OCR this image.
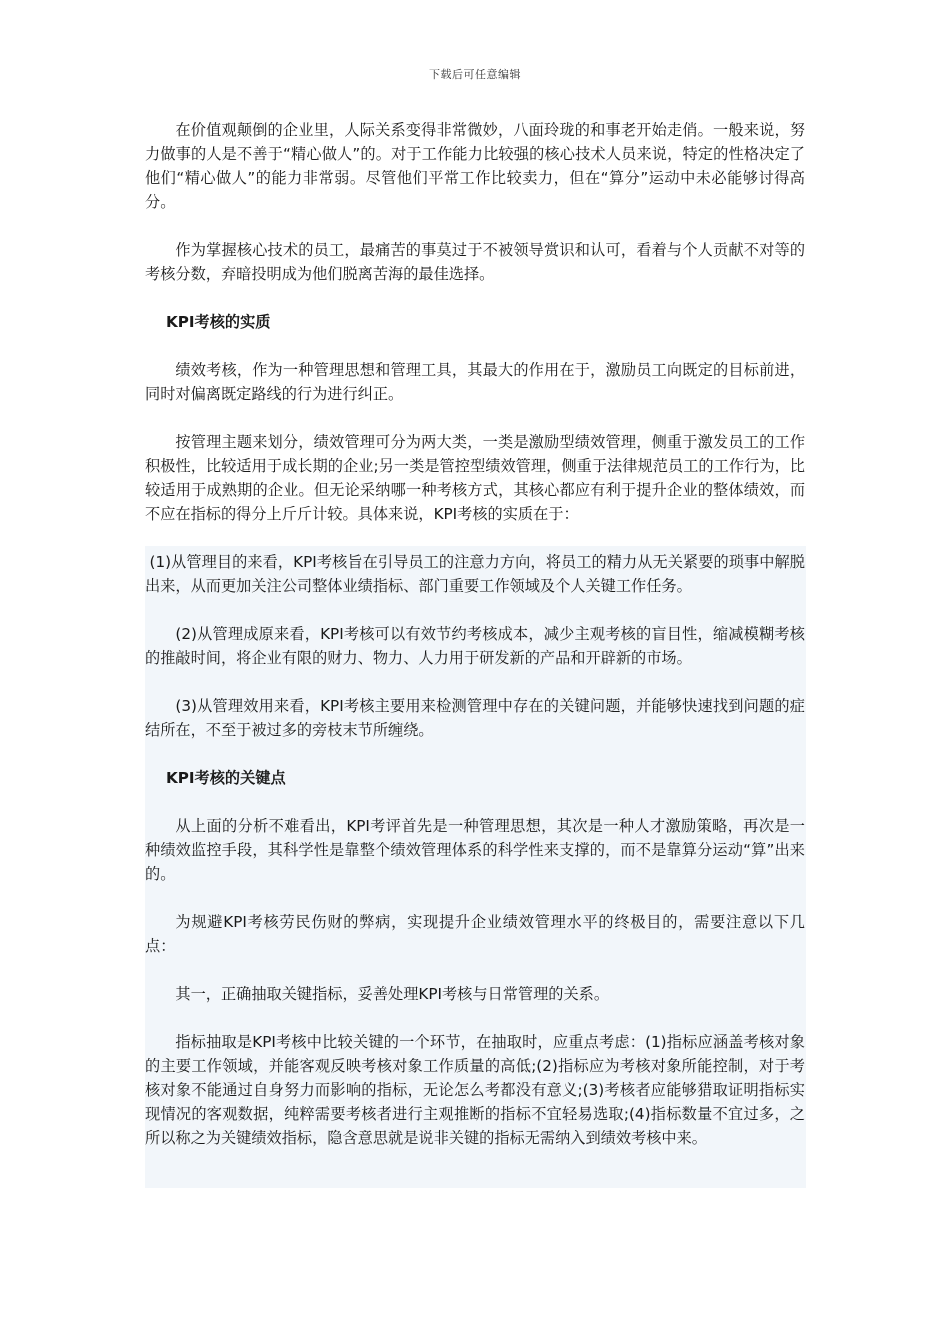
下载后可任意编辑

在价值观颠倒的企业里，人际关系变得非常微妙，八面玲珑的和事老开始走俏。一般来说，努力做事的人是不善于“精心做人”的。对于工作能力比较强的核心技术人员来说，特定的性格决定了他们“精心做人”的能力非常弱。尽管他们平常工作比较卖力，但在“算分”运动中未必能够讨得高分。

作为掌握核心技术的员工，最痛苦的事莫过于不被领导赏识和认可，看着与个人贡献不对等的考核分数，弃暗投明成为他们脱离苦海的最佳选择。

KPI考核的实质

绩效考核，作为一种管理思想和管理工具，其最大的作用在于，激励员工向既定的目标前进，同时对偏离既定路线的行为进行纠正。

按管理主题来划分，绩效管理可分为两大类，一类是激励型绩效管理，侧重于激发员工的工作积极性，比较适用于成长期的企业;另一类是管控型绩效管理，侧重于法律规范员工的工作行为，比较适用于成熟期的企业。但无论采纳哪一种考核方式，其核心都应有利于提升企业的整体绩效，而不应在指标的得分上斤斤计较。具体来说，KPI考核的实质在于：

(1)从管理目的来看，KPI考核旨在引导员工的注意力方向，将员工的精力从无关紧要的琐事中解脱出来，从而更加关注公司整体业绩指标、部门重要工作领域及个人关键工作任务。

(2)从管理成原来看，KPI考核可以有效节约考核成本，减少主观考核的盲目性，缩减模糊考核的推敲时间，将企业有限的财力、物力、人力用于研发新的产品和开辟新的市场。

(3)从管理效用来看，KPI考核主要用来检测管理中存在的关键问题，并能够快速找到问题的症结所在，不至于被过多的旁枝末节所缠绕。

KPI考核的关键点

从上面的分析不难看出，KPI考评首先是一种管理思想，其次是一种人才激励策略，再次是一种绩效监控手段，其科学性是靠整个绩效管理体系的科学性来支撑的，而不是靠算分运动“算”出来的。

为规避KPI考核劳民伤财的弊病，实现提升企业绩效管理水平的终极目的，需要注意以下几点：

其一，正确抽取关键指标，妥善处理KPI考核与日常管理的关系。

指标抽取是KPI考核中比较关键的一个环节，在抽取时，应重点考虑：(1)指标应涵盖考核对象的主要工作领域，并能客观反映考核对象工作质量的高低;(2)指标应为考核对象所能控制，对于考核对象不能通过自身努力而影响的指标，无论怎么考都没有意义;(3)考核者应能够猎取证明指标实现情况的客观数据，纯粹需要考核者进行主观推断的指标不宜轻易选取;(4)指标数量不宜过多，之所以称之为关键绩效指标，隐含意思就是说非关键的指标无需纳入到绩效考核中来。
